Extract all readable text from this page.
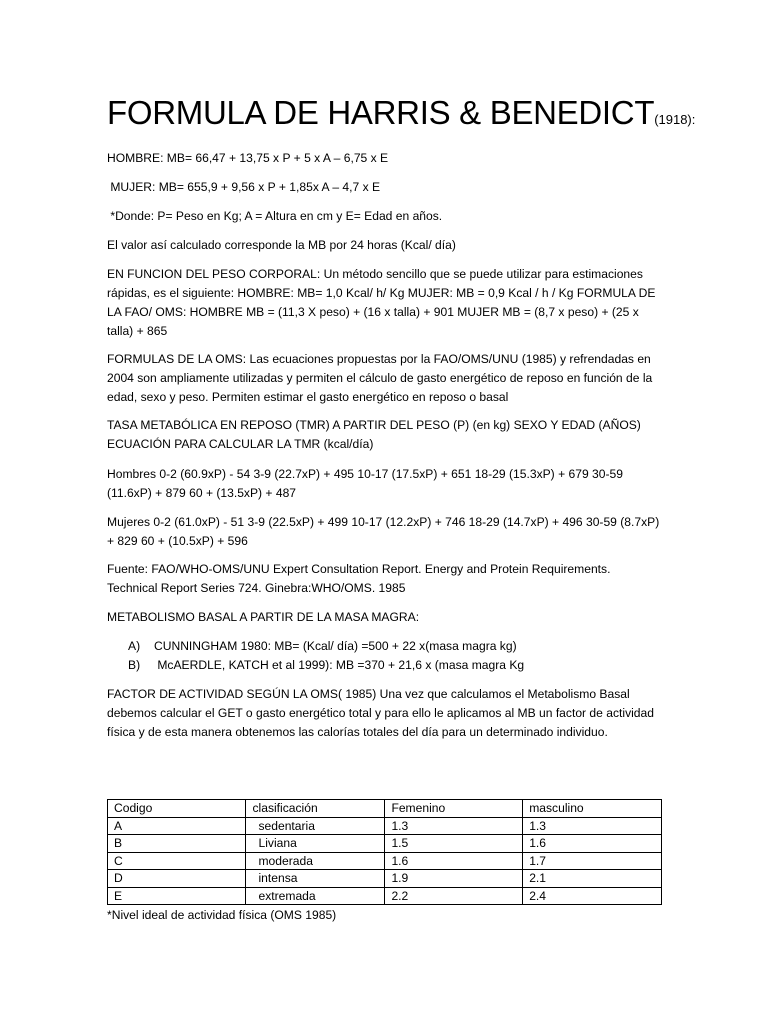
FORMULA DE HARRIS & BENEDICT(1918):
HOMBRE: MB= 66,47 + 13,75 x P + 5 x A – 6,75 x E
MUJER: MB= 655,9 + 9,56 x P + 1,85x A – 4,7 x E
*Donde: P= Peso en Kg; A = Altura en cm y E= Edad en años.
El valor así calculado corresponde la MB por 24 horas (Kcal/ día)
EN FUNCION DEL PESO CORPORAL: Un método sencillo que se puede utilizar para estimaciones rápidas, es el siguiente: HOMBRE: MB= 1,0 Kcal/ h/ Kg MUJER: MB = 0,9 Kcal / h / Kg FORMULA DE LA FAO/ OMS: HOMBRE MB = (11,3 X peso) + (16 x talla) + 901 MUJER MB = (8,7 x peso) + (25 x talla) + 865
FORMULAS DE LA OMS: Las ecuaciones propuestas por la FAO/OMS/UNU (1985) y refrendadas en 2004 son ampliamente utilizadas y permiten el cálculo de gasto energético de reposo en función de la edad, sexo y peso. Permiten estimar el gasto energético en reposo o basal
TASA METABÓLICA EN REPOSO (TMR) A PARTIR DEL PESO (P) (en kg) SEXO Y EDAD (AÑOS) ECUACIÓN PARA CALCULAR LA TMR (kcal/día)
Hombres 0-2 (60.9xP) - 54 3-9 (22.7xP) + 495 10-17 (17.5xP) + 651 18-29 (15.3xP) + 679 30-59 (11.6xP) + 879 60 + (13.5xP) + 487
Mujeres 0-2 (61.0xP) - 51 3-9 (22.5xP) + 499 10-17 (12.2xP) + 746 18-29 (14.7xP) + 496 30-59 (8.7xP) + 829 60 + (10.5xP) + 596
Fuente: FAO/WHO-OMS/UNU Expert Consultation Report. Energy and Protein Requirements. Technical Report Series 724. Ginebra:WHO/OMS. 1985
METABOLISMO BASAL A PARTIR DE LA MASA MAGRA:
A) CUNNINGHAM 1980: MB= (Kcal/ día) =500 + 22 x(masa magra kg)
B) McAERDLE, KATCH et al 1999): MB =370 + 21,6 x (masa magra Kg
FACTOR DE ACTIVIDAD SEGÚN LA OMS( 1985) Una vez que calculamos el Metabolismo Basal debemos calcular el GET o gasto energético total y para ello le aplicamos al MB un factor de actividad física y de esta manera obtenemos las calorías totales del día para un determinado individuo.
Codigo	clasificación	Femenino	masculino
A	sedentaria	1.3	1.3
B	Liviana	1.5	1.6
C	moderada	1.6	1.7
D	intensa	1.9	2.1
E	extremada	2.2	2.4
*Nivel ideal de actividad física (OMS 1985)
